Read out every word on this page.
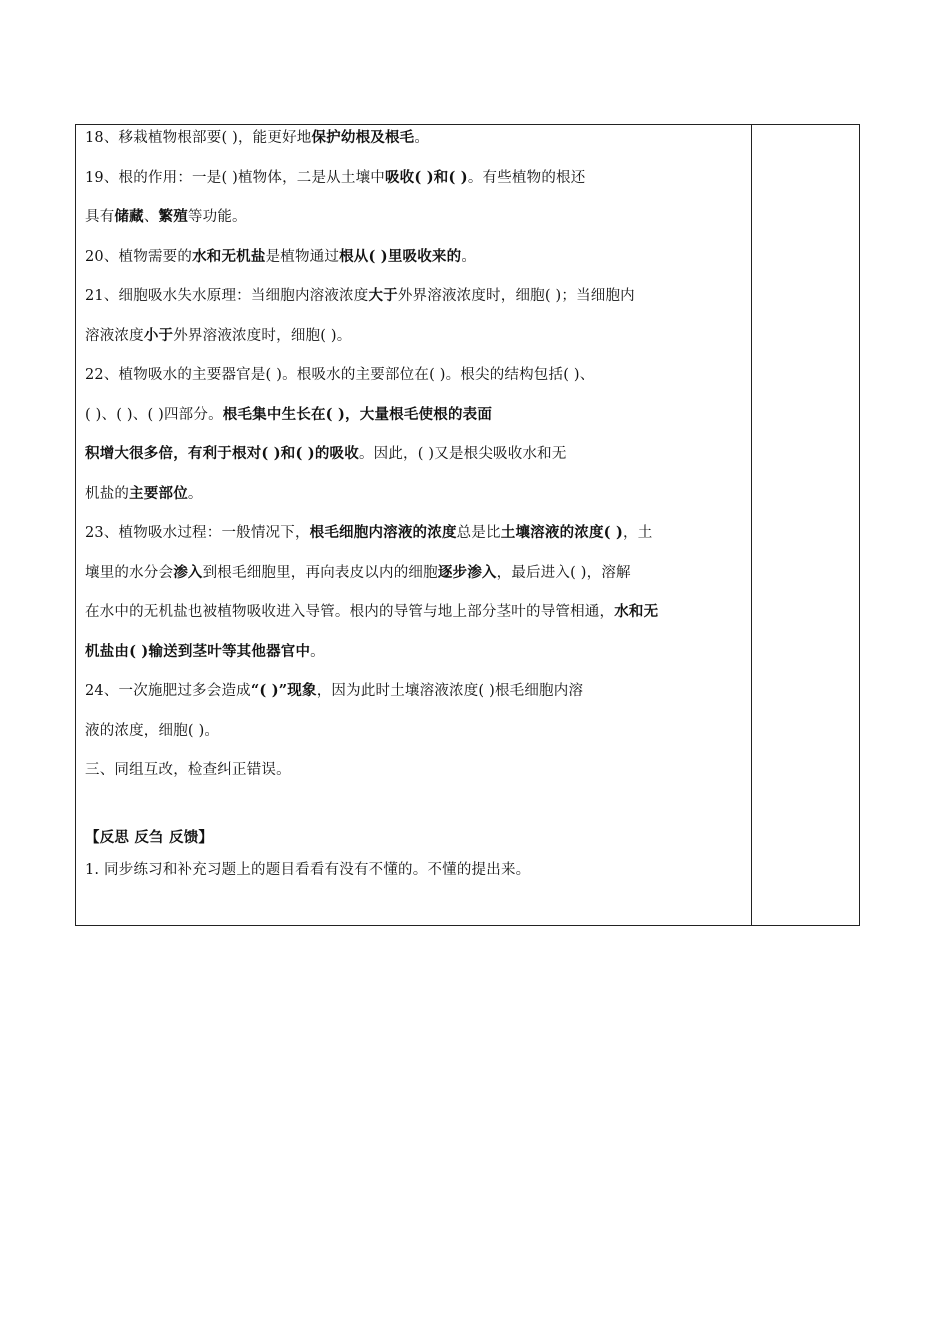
18、移栽植物根部要( )，能更好地保护幼根及根毛。
19、根的作用：一是( )植物体，二是从土壤中吸收( )和( )。有些植物的根还
具有储藏、繁殖等功能。
20、植物需要的水和无机盐是植物通过根从( )里吸收来的。
21、细胞吸水失水原理：当细胞内溶液浓度大于外界溶液浓度时，细胞( )；当细胞内
溶液浓度小于外界溶液浓度时，细胞( )。
22、植物吸水的主要器官是( )。根吸水的主要部位在( )。根尖的结构包括( )、
( )、( )、( )四部分。根毛集中生长在( )，大量根毛使根的表面
积增大很多倍，有利于根对( )和( )的吸收。因此，( )又是根尖吸收水和无
机盐的主要部位。
23、植物吸水过程：一般情况下，根毛细胞内溶液的浓度总是比土壤溶液的浓度( )，土
壤里的水分会渗入到根毛细胞里，再向表皮以内的细胞逐步渗入，最后进入( )，溶解
在水中的无机盐也被植物吸收进入导管。根内的导管与地上部分茎叶的导管相通，水和无
机盐由( )输送到茎叶等其他器官中。
24、一次施肥过多会造成“( )”现象，因为此时土壤溶液浓度( )根毛细胞内溶
液的浓度，细胞( )。
三、同组互改，检查纠正错误。
【反思 反刍 反馈】
1. 同步练习和补充习题上的题目看看有没有不懂的。不懂的提出来。
